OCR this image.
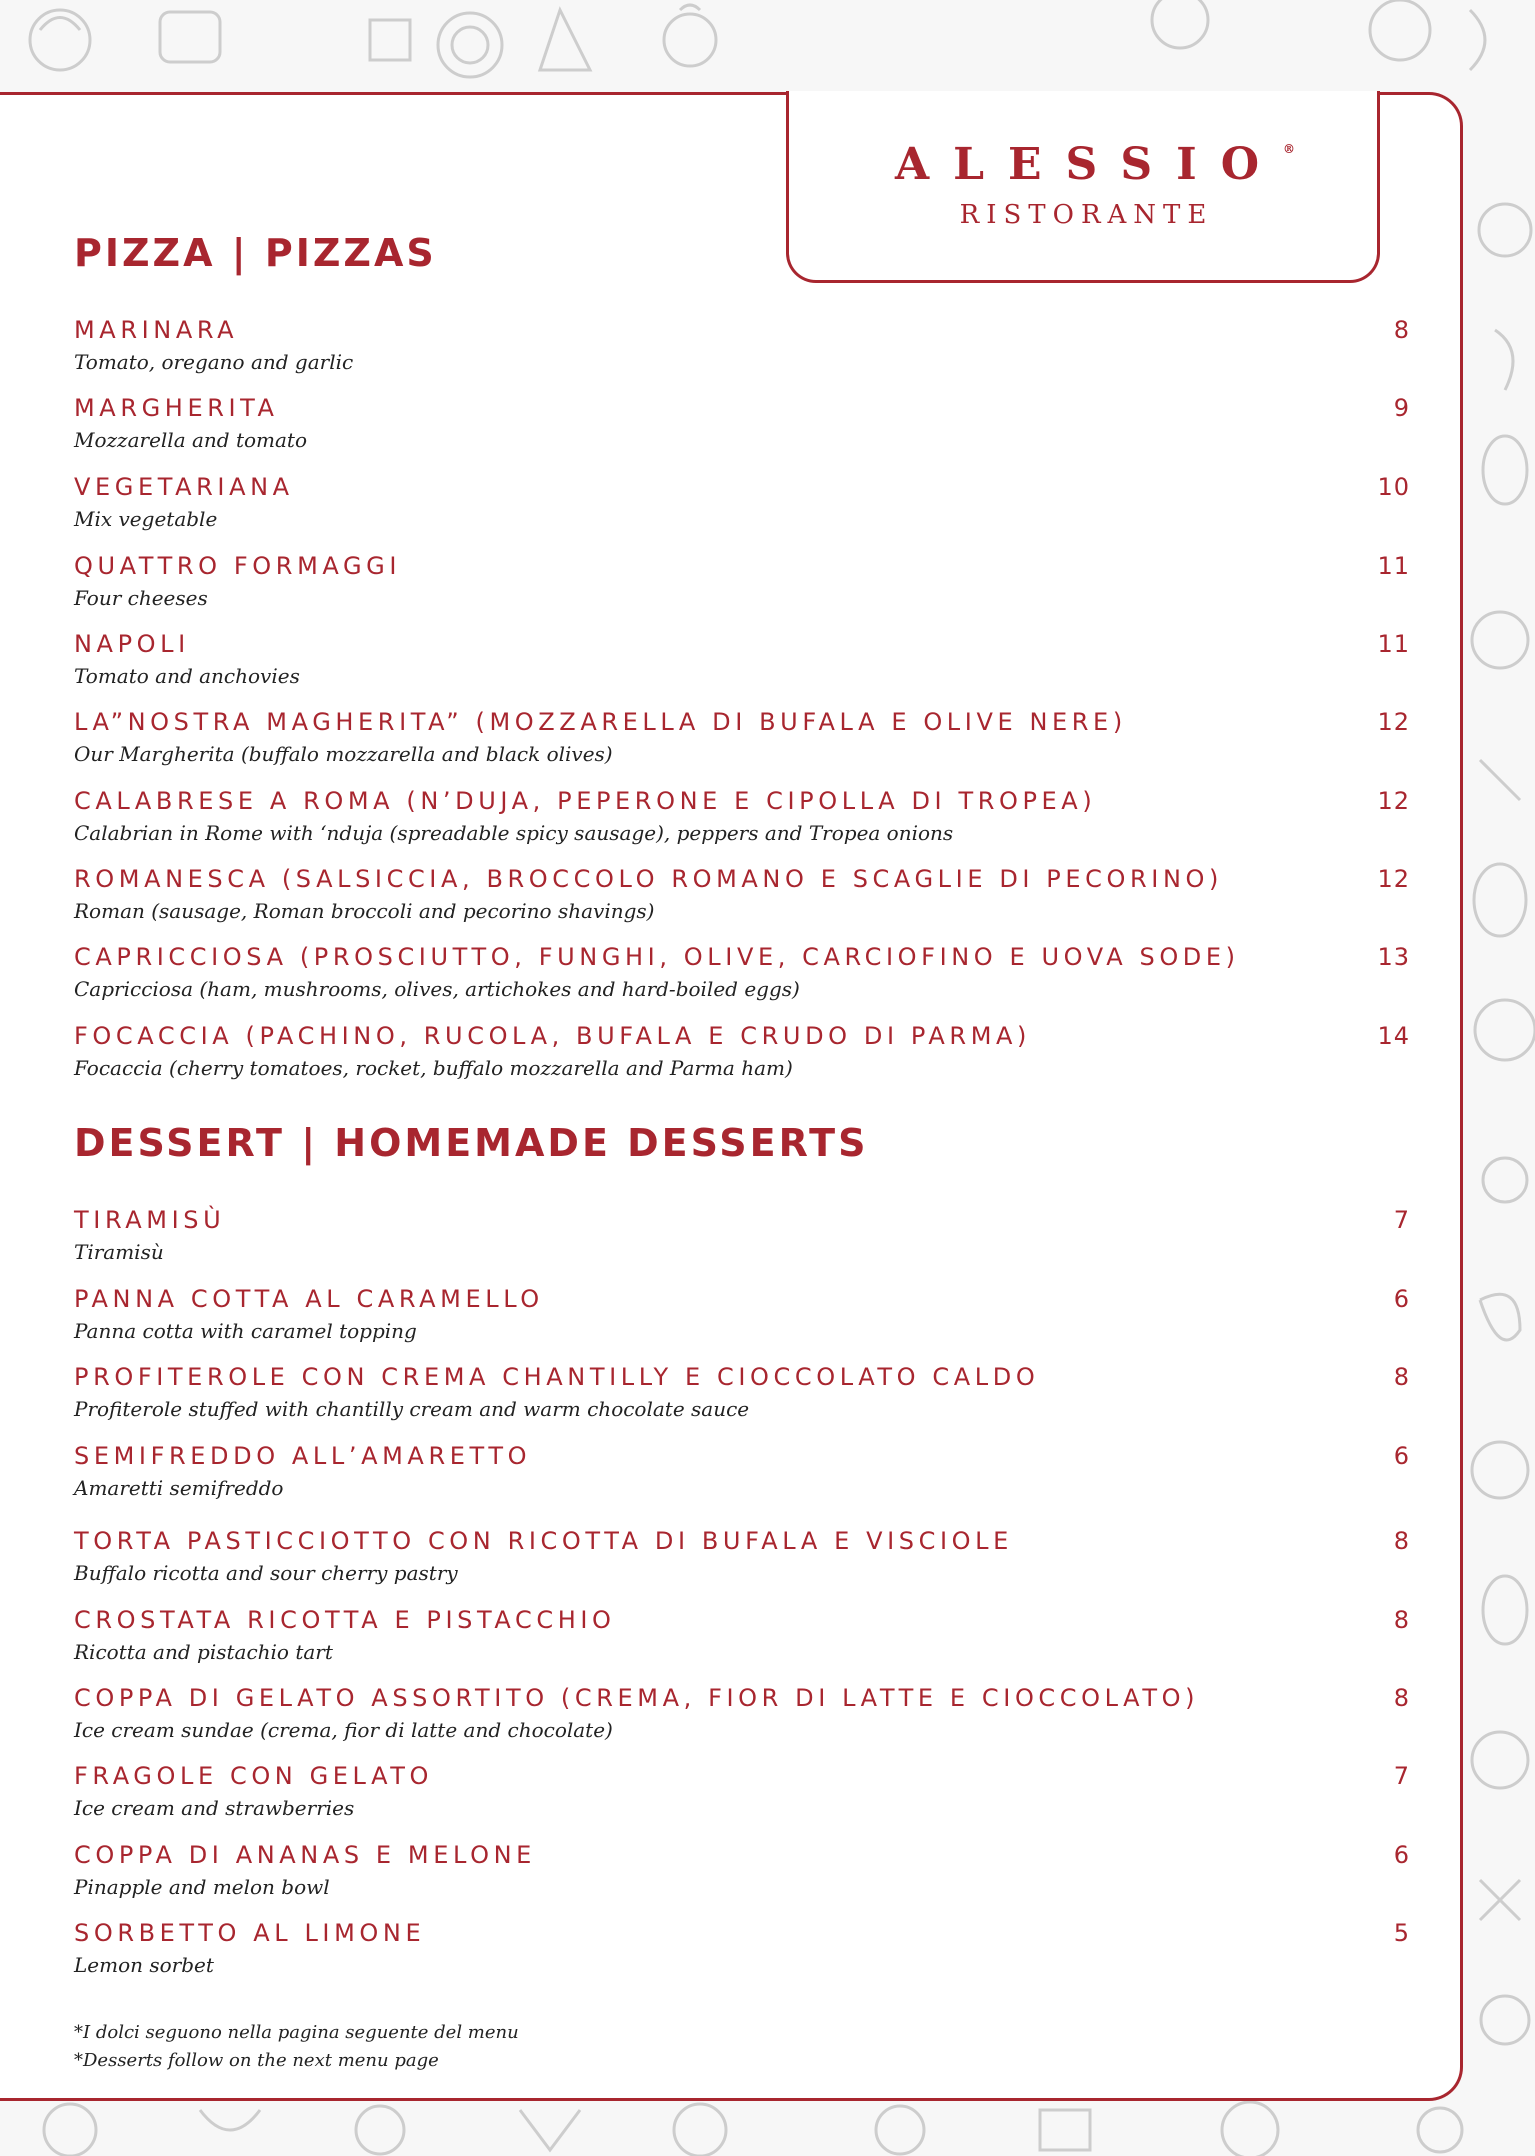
ALESSIO®
RISTORANTE
PIZZA | PIZZAS
MARINARA
Tomato, oregano and garlic
8
MARGHERITA
Mozzarella and tomato
9
VEGETARIANA
Mix vegetable
10
QUATTRO FORMAGGI
Four cheeses
11
NAPOLI
Tomato and anchovies
11
LA”NOSTRA MAGHERITA” (MOZZARELLA DI BUFALA E OLIVE NERE)
Our Margherita (buffalo mozzarella and black olives)
12
CALABRESE A ROMA (N’DUJA, PEPERONE E CIPOLLA DI TROPEA)
Calabrian in Rome with ‘nduja (spreadable spicy sausage), peppers and Tropea onions
12
ROMANESCA (SALSICCIA, BROCCOLO ROMANO E SCAGLIE DI PECORINO)
Roman (sausage, Roman broccoli and pecorino shavings)
12
CAPRICCIOSA (PROSCIUTTO, FUNGHI, OLIVE, CARCIOFINO E UOVA SODE)
Capricciosa (ham, mushrooms, olives, artichokes and hard-boiled eggs)
13
FOCACCIA (PACHINO, RUCOLA, BUFALA E CRUDO DI PARMA)
Focaccia (cherry tomatoes, rocket, buffalo mozzarella and Parma ham)
14
DESSERT | HOMEMADE DESSERTS
TIRAMISÙ
Tiramisù
7
PANNA COTTA AL CARAMELLO
Panna cotta with caramel topping
6
PROFITEROLE CON CREMA CHANTILLY E CIOCCOLATO CALDO
Profiterole stuffed with chantilly cream and warm chocolate sauce
8
SEMIFREDDO ALL’AMARETTO
Amaretti semifreddo
6
TORTA PASTICCIOTTO CON RICOTTA DI BUFALA E VISCIOLE
Buffalo ricotta and sour cherry pastry
8
CROSTATA RICOTTA E PISTACCHIO
Ricotta and pistachio tart
8
COPPA DI GELATO ASSORTITO (CREMA, FIOR DI LATTE E CIOCCOLATO)
Ice cream sundae (crema, fior di latte and chocolate)
8
FRAGOLE CON GELATO
Ice cream and strawberries
7
COPPA DI ANANAS E MELONE
Pinapple and melon bowl
6
SORBETTO AL LIMONE
Lemon sorbet
5
*I dolci seguono nella pagina seguente del menu
*Desserts follow on the next menu page
